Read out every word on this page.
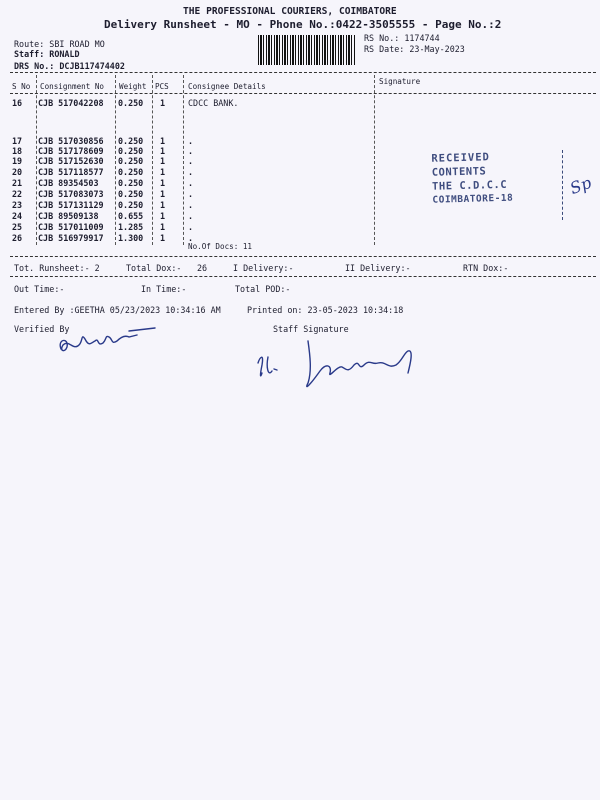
THE PROFESSIONAL COURIERS, COIMBATORE
Delivery Runsheet - MO - Phone No.:0422-3505555 - Page No.:2
Route: SBI ROAD MO
Staff: RONALD
DRS No.: DCJB117474402
RS No.: 1174744
RS Date: 23-May-2023
S No Consignment No Weight PCS	Consignee Details
Signature
16 CJB 517042208 0.250 1	CDCC BANK.
17 CJB 517030856 0.250 1	.
18 CJB 517178609 0.250 1	.
19 CJB 517152630 0.250 1	.
20 CJB 517118577 0.250 1	.
21 CJB 89354503 0.250 1	.
22 CJB 517083073 0.250 1	.
23 CJB 517131129 0.250 1	.
24 CJB 89509138 0.655 1	.
25 CJB 517011009 1.285 1	.
26 CJB 516979917 1.300 1	.
No.Of Docs: 11
RECEIVED
CONTENTS
THE C.D.C.C
COIMBATORE-18
Sp
Tot. Runsheet:- 2	Total Dox:- 26	I Delivery:-	II Delivery:-	RTN Dox:-
Out Time:-	In Time:-	Total POD:-
Entered By :GEETHA 05/23/2023 10:34:16 AM	Printed on: 23-05-2023 10:34:18
Verified By	Staff Signature
